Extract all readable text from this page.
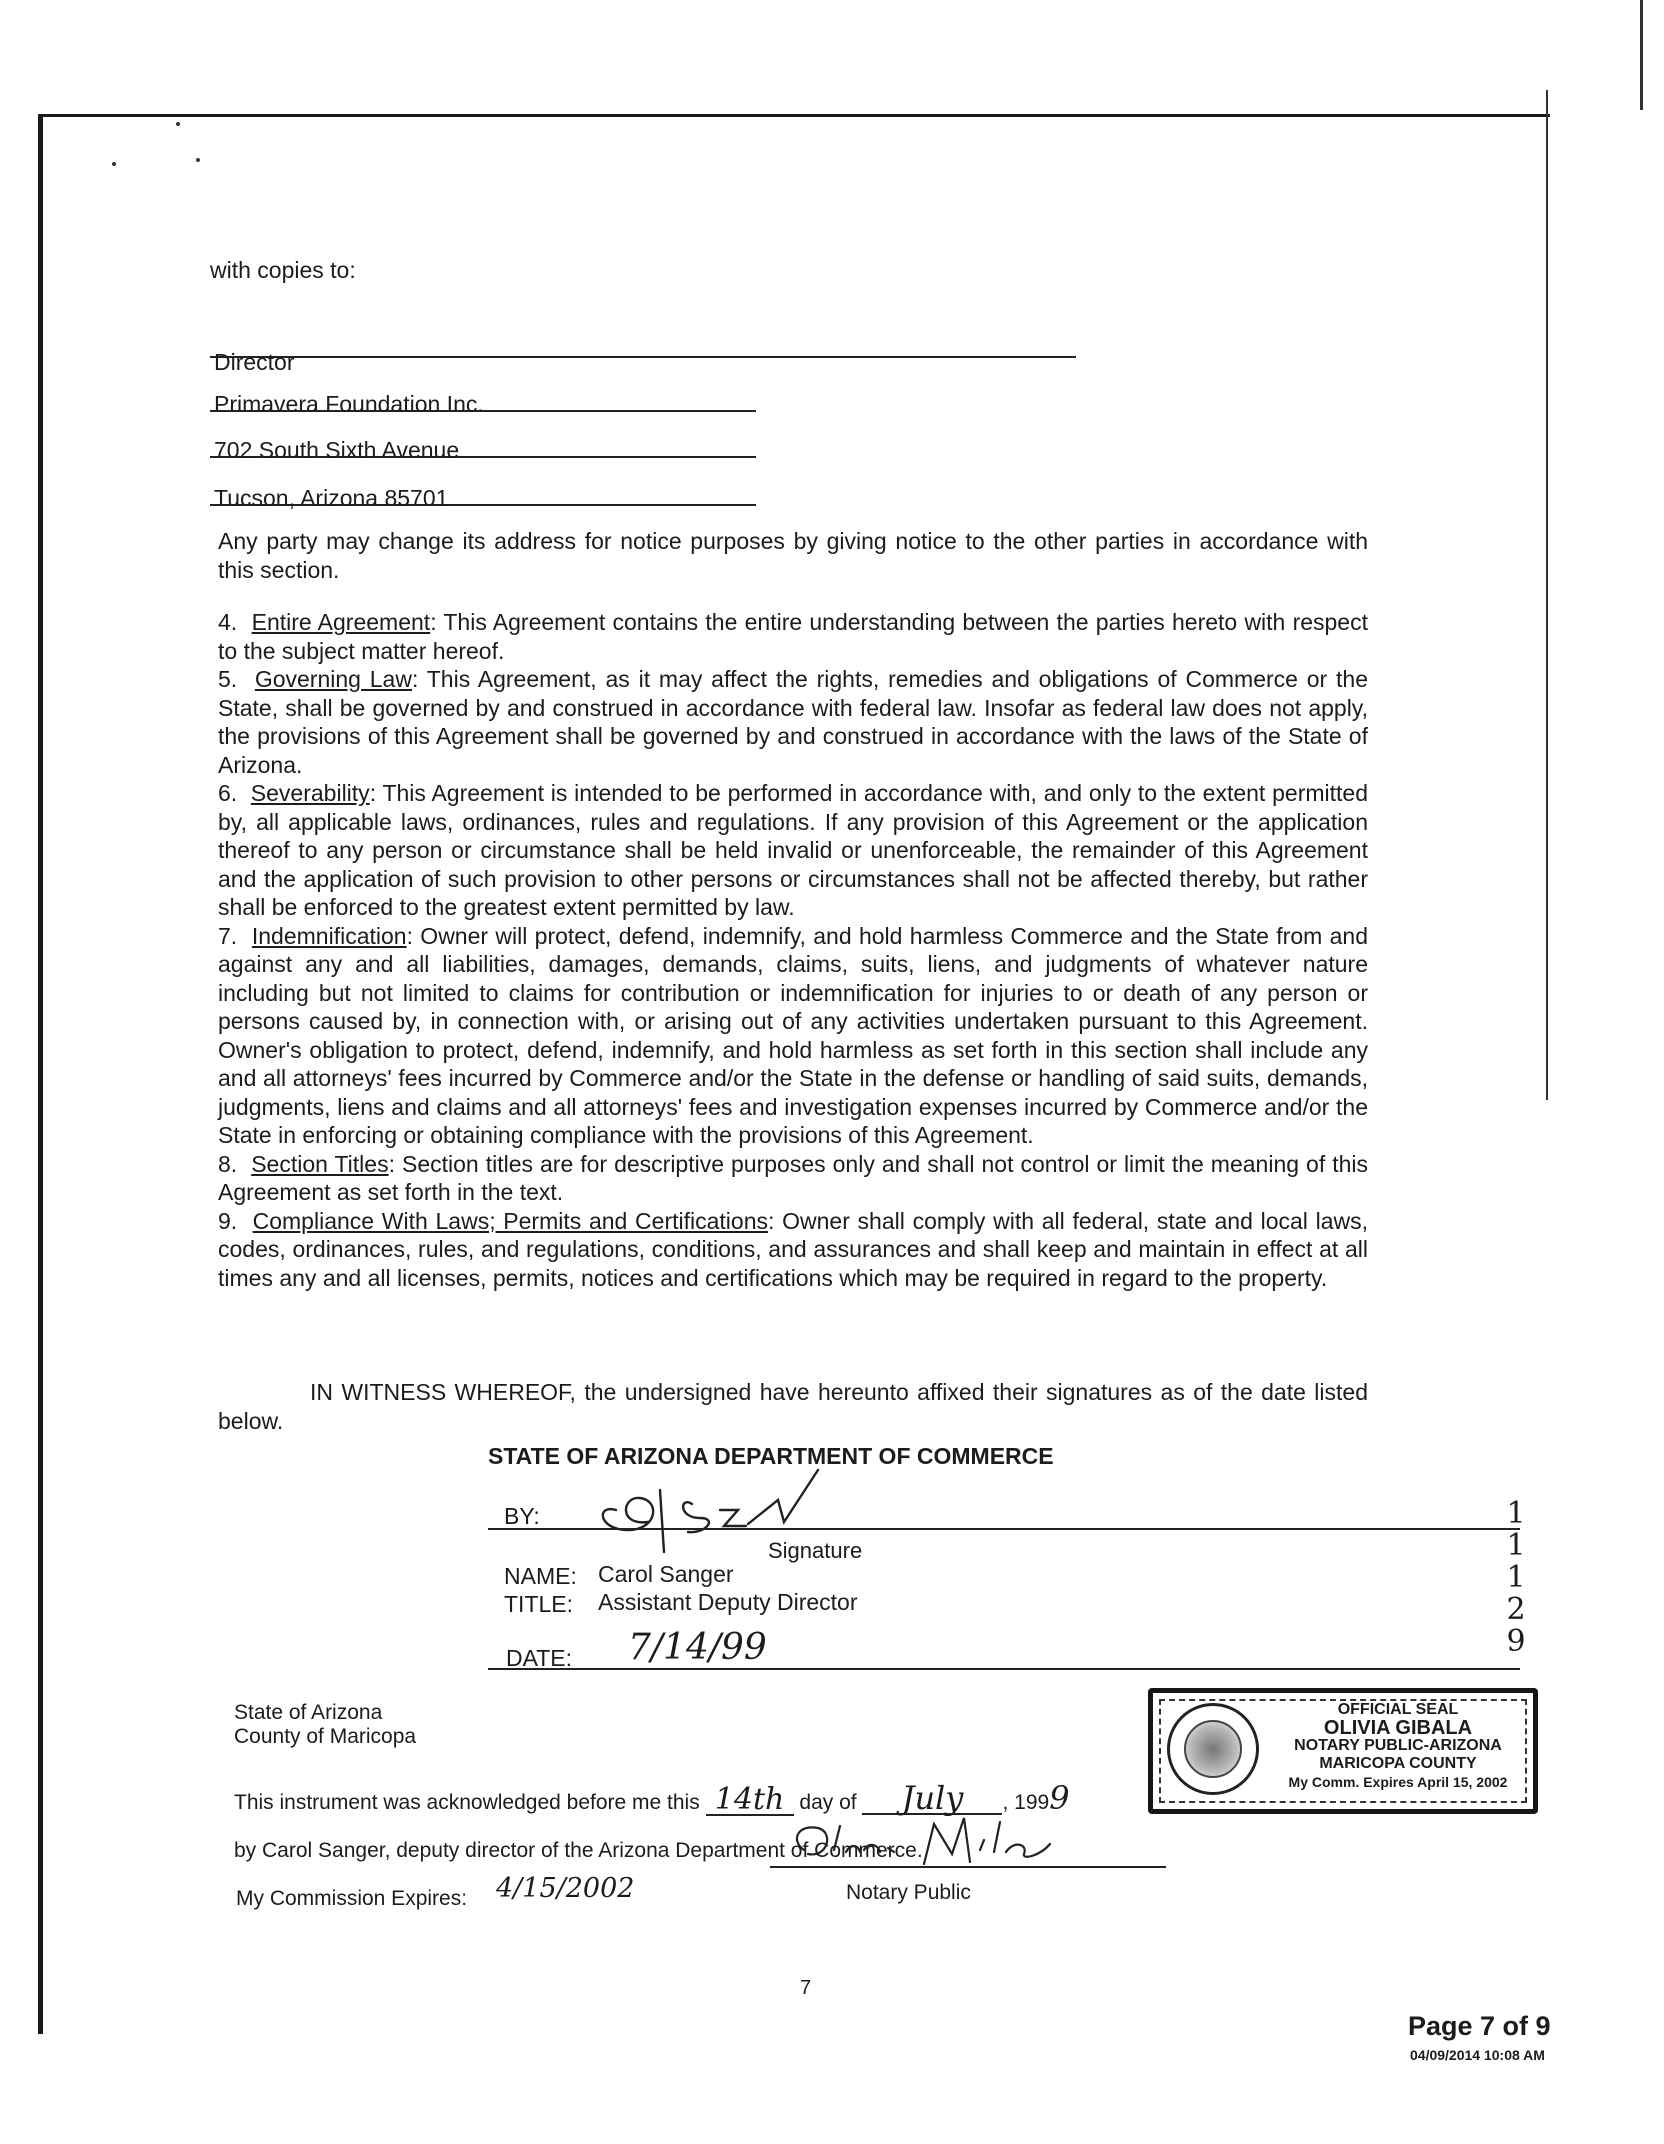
with copies to:
Director
Primavera Foundation Inc.
702 South Sixth Avenue
Tucson, Arizona 85701

Any party may change its address for notice purposes by giving notice to the other parties in accordance with this section.

4. Entire Agreement: This Agreement contains the entire understanding between the parties hereto with respect to the subject matter hereof.

5. Governing Law: This Agreement, as it may affect the rights, remedies and obligations of Commerce or the State, shall be governed by and construed in accordance with federal law. Insofar as federal law does not apply, the provisions of this Agreement shall be governed by and construed in accordance with the laws of the State of Arizona.

6. Severability: This Agreement is intended to be performed in accordance with, and only to the extent permitted by, all applicable laws, ordinances, rules and regulations. If any provision of this Agreement or the application thereof to any person or circumstance shall be held invalid or unenforceable, the remainder of this Agreement and the application of such provision to other persons or circumstances shall not be affected thereby, but rather shall be enforced to the greatest extent permitted by law.

7. Indemnification: Owner will protect, defend, indemnify, and hold harmless Commerce and the State from and against any and all liabilities, damages, demands, claims, suits, liens, and judgments of whatever nature including but not limited to claims for contribution or indemnification for injuries to or death of any person or persons caused by, in connection with, or arising out of any activities undertaken pursuant to this Agreement. Owner's obligation to protect, defend, indemnify, and hold harmless as set forth in this section shall include any and all attorneys' fees incurred by Commerce and/or the State in the defense or handling of said suits, demands, judgments, liens and claims and all attorneys' fees and investigation expenses incurred by Commerce and/or the State in enforcing or obtaining compliance with the provisions of this Agreement.

8. Section Titles: Section titles are for descriptive purposes only and shall not control or limit the meaning of this Agreement as set forth in the text.

9. Compliance With Laws; Permits and Certifications: Owner shall comply with all federal, state and local laws, codes, ordinances, rules, and regulations, conditions, and assurances and shall keep and maintain in effect at all times any and all licenses, permits, notices and certifications which may be required in regard to the property.

IN WITNESS WHEREOF, the undersigned have hereunto affixed their signatures as of the date listed below.

STATE OF ARIZONA DEPARTMENT OF COMMERCE
BY:
Signature
NAME: Carol Sanger
TITLE: Assistant Deputy Director
DATE: 7/14/99
1
1
1
2
9
State of Arizona
County of Maricopa
This instrument was acknowledged before me this 14th day of July , 1999
by Carol Sanger, deputy director of the Arizona Department of Commerce.
Notary Public
My Commission Expires: 4/15/2002
OFFICIAL SEAL
OLIVIA GIBALA
NOTARY PUBLIC-ARIZONA
MARICOPA COUNTY
My Comm. Expires April 15, 2002
7
Page 7 of 9
04/09/2014 10:08 AM
